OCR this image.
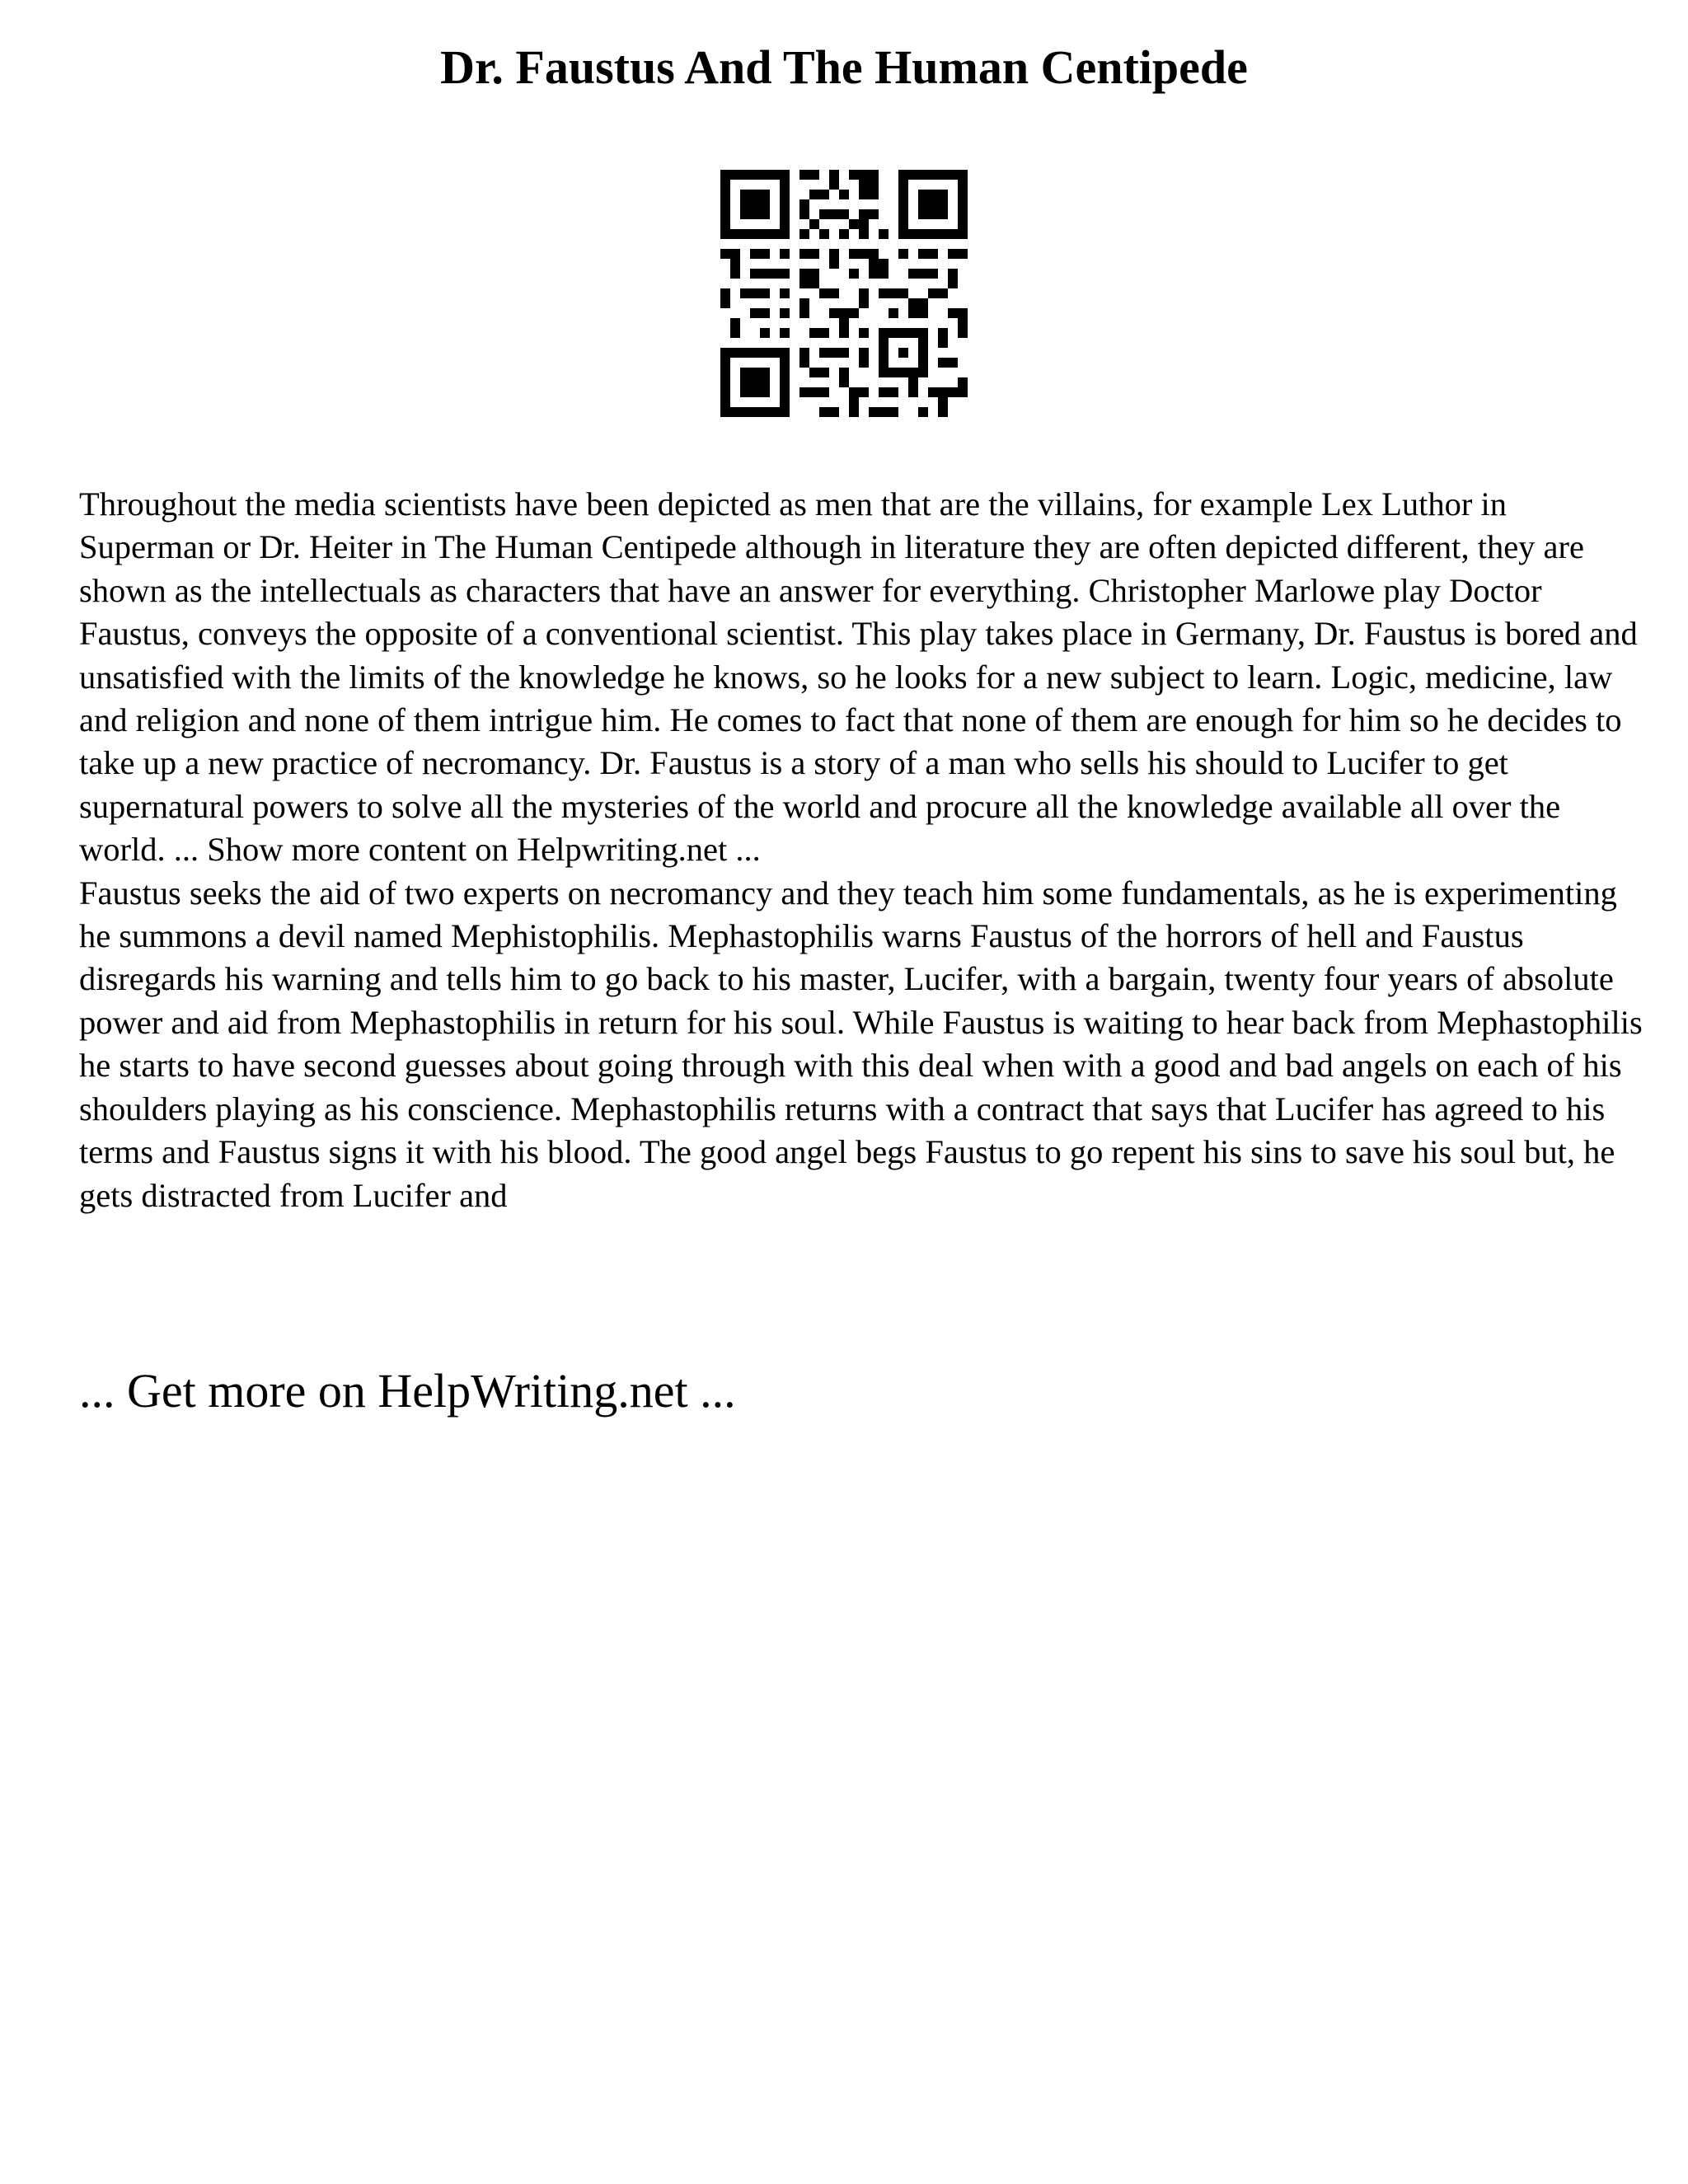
Dr. Faustus And The Human Centipede

Throughout the media scientists have been depicted as men that are the villains, for example Lex Luthor in Superman or Dr. Heiter in The Human Centipede although in literature they are often depicted different, they are shown as the intellectuals as characters that have an answer for everything. Christopher Marlowe play Doctor Faustus, conveys the opposite of a conventional scientist. This play takes place in Germany, Dr. Faustus is bored and unsatisfied with the limits of the knowledge he knows, so he looks for a new subject to learn. Logic, medicine, law and religion and none of them intrigue him. He comes to fact that none of them are enough for him so he decides to take up a new practice of necromancy. Dr. Faustus is a story of a man who sells his should to Lucifer to get supernatural powers to solve all the mysteries of the world and procure all the knowledge available all over the world. ... Show more content on Helpwriting.net ...

Faustus seeks the aid of two experts on necromancy and they teach him some fundamentals, as he is experimenting he summons a devil named Mephistophilis. Mephastophilis warns Faustus of the horrors of hell and Faustus disregards his warning and tells him to go back to his master, Lucifer, with a bargain, twenty four years of absolute power and aid from Mephastophilis in return for his soul. While Faustus is waiting to hear back from Mephastophilis he starts to have second guesses about going through with this deal when with a good and bad angels on each of his shoulders playing as his conscience. Mephastophilis returns with a contract that says that Lucifer has agreed to his terms and Faustus signs it with his blood. The good angel begs Faustus to go repent his sins to save his soul but, he gets distracted from Lucifer and

... Get more on HelpWriting.net ...
